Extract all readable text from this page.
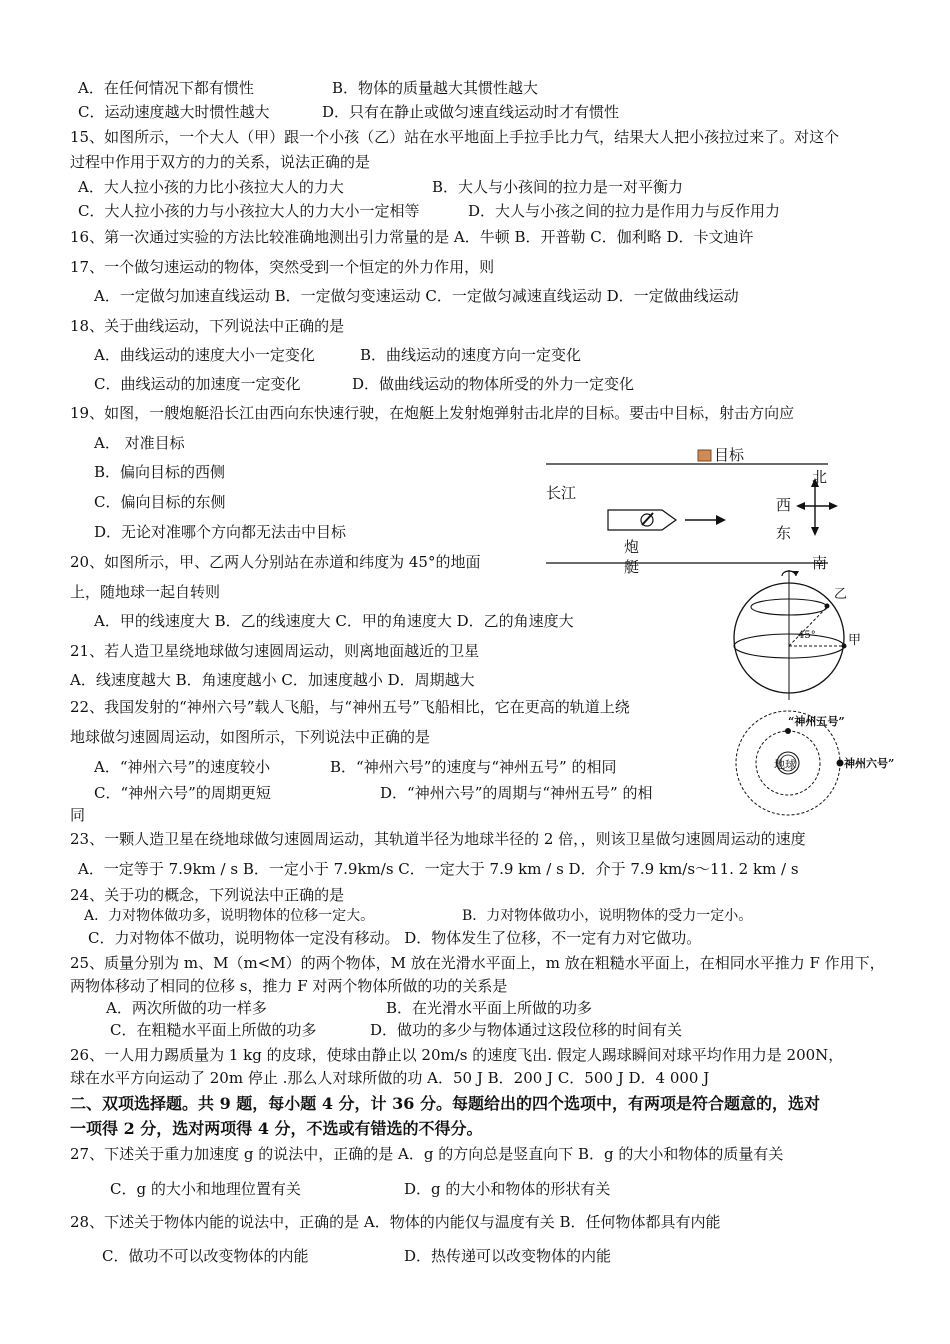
A．在任何情况下都有惯性	B．物体的质量越大其惯性越大
C．运动速度越大时惯性越大	D．只有在静止或做匀速直线运动时才有惯性
15、如图所示，一个大人（甲）跟一个小孩（乙）站在水平地面上手拉手比力气，结果大人把小孩拉过来了。对这个
过程中作用于双方的力的关系，说法正确的是
A．大人拉小孩的力比小孩拉大人的力大	B．大人与小孩间的拉力是一对平衡力
C．大人拉小孩的力与小孩拉大人的力大小一定相等	D．大人与小孩之间的拉力是作用力与反作用力
16、第一次通过实验的方法比较准确地测出引力常量的是 A．牛顿 B．开普勒 C．伽利略 D．卡文迪许
17、一个做匀速运动的物体，突然受到一个恒定的外力作用，则
A．一定做匀加速直线运动 B．一定做匀变速运动 C．一定做匀减速直线运动 D．一定做曲线运动
18、关于曲线运动，下列说法中正确的是
A．曲线运动的速度大小一定变化	B．曲线运动的速度方向一定变化
C．曲线运动的加速度一定变化	D．做曲线运动的物体所受的外力一定变化
19、如图，一艘炮艇沿长江由西向东快速行驶，在炮艇上发射炮弹射击北岸的目标。要击中目标，射击方向应
A． 对准目标
B．偏向目标的西侧
C．偏向目标的东侧
D．无论对准哪个方向都无法击中目标
目标
长江
炮
艇
北
西
东
南
20、如图所示，甲、乙两人分别站在赤道和纬度为 45°的地面
上，随地球一起自转则
A．甲的线速度大 B．乙的线速度大 C．甲的角速度大 D．乙的角速度大
乙
甲
45°
21、若人造卫星绕地球做匀速圆周运动，则离地面越近的卫星
A．线速度越大 B．角速度越小 C．加速度越小 D．周期越大
22、我国发射的“神州六号”载人飞船，与“神州五号”飞船相比，它在更高的轨道上绕
地球做匀速圆周运动，如图所示，下列说法中正确的是
A．“神州六号”的速度较小	B．“神州六号”的速度与“神州五号” 的相同
C．“神州六号”的周期更短	D．“神州六号”的周期与“神州五号” 的相
同
地球
“神州五号”
神州六号”
23、一颗人造卫星在绕地球做匀速圆周运动，其轨道半径为地球半径的 2 倍，，则该卫星做匀速圆周运动的速度
A．一定等于 7.9km / s B．一定小于 7.9km/s C．一定大于 7.9 km / s D．介于 7.9 km/s～11. 2 km / s
24、关于功的概念，下列说法中正确的是
A．力对物体做功多，说明物体的位移一定大。	B．力对物体做功小，说明物体的受力一定小。
C．力对物体不做功，说明物体一定没有移动。 D．物体发生了位移，不一定有力对它做功。
25、质量分别为 m、M（m<M）的两个物体，M 放在光滑水平面上，m 放在粗糙水平面上，在相同水平推力 F 作用下，
两物体移动了相同的位移 s，推力 F 对两个物体所做的功的关系是
A．两次所做的功一样多	B．在光滑水平面上所做的功多
C．在粗糙水平面上所做的功多	D．做功的多少与物体通过这段位移的时间有关
26、一人用力踢质量为 1 kg 的皮球，使球由静止以 20m/s 的速度飞出. 假定人踢球瞬间对球平均作用力是 200N，
球在水平方向运动了 20m 停止 .那么人对球所做的功 A．50 J B．200 J C．500 J D．4 000 J
二、双项选择题。共 9 题，每小题 4 分，计 36 分。每题给出的四个选项中，有两项是符合题意的，选对
一项得 2 分，选对两项得 4 分，不选或有错选的不得分。
27、下述关于重力加速度 g 的说法中，正确的是 A．g 的方向总是竖直向下 B．g 的大小和物体的质量有关
C．g 的大小和地理位置有关	D．g 的大小和物体的形状有关
28、下述关于物体内能的说法中，正确的是 A．物体的内能仅与温度有关 B．任何物体都具有内能
C．做功不可以改变物体的内能	D．热传递可以改变物体的内能
